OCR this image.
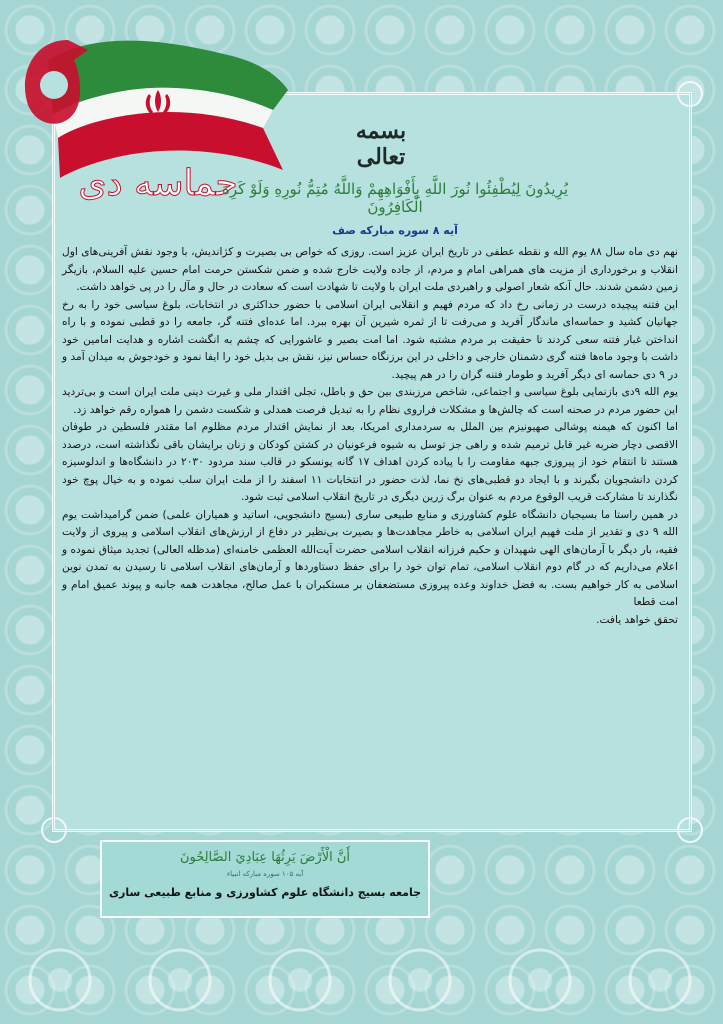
حماسه دی
بسمه تعالی
يُرِيدُونَ لِيُطْفِئُوا نُورَ اللَّهِ بِأَفْوَاهِهِمْ وَاللَّهُ مُتِمُّ نُورِهِ وَلَوْ كَرِهَ الْكَافِرُونَ
آیه ۸ سوره مبارکه صف

نهم دی ماه سال ۸۸ یوم الله و نقطه عطفی در تاریخ ایران عزیز است. روزی که خواص بی بصیرت و کژاندیش، با وجود نقش آفرینی‌های اول انقلاب و برخورداری از مزیت های همراهی امام و مردم، از جاده ولایت خارج شده و ضمن شکستن حرمت امام حسین علیه السلام، بازیگر زمین دشمن شدند. حال آنکه شعار اصولی و راهبردی ملت ایران با ولایت تا شهادت است که سعادت در حال و مآل را در پی خواهد داشت.

این فتنه پیچیده درست در زمانی رخ داد که مردم فهیم و انقلابی ایران اسلامی با حضور حداکثری در انتخابات، بلوغ سیاسی خود را به رخ جهانیان کشید و حماسه‌ای ماندگار آفرید و می‌رفت تا از ثمره شیرین آن بهره ببرد. اما عده‌ای فتنه گر، جامعه را دو قطبی نموده و با راه انداختن غبار فتنه سعی کردند تا حقیقت بر مردم مشتبه شود. اما امت بصیر و عاشورایی که چشم به انگشت اشاره و هدایت امامین خود داشت با وجود ماه‌ها فتنه گری دشمنان خارجی و داخلی در این برزنگاه حساس نیز، نقش بی بدیل خود را ایفا نمود و خودجوش به میدان آمد و در ۹ دی حماسه ای دیگر آفرید و طومار فتنه گران را در هم پیچید.

یوم الله ۹دی بازنمایی بلوغ سیاسی و اجتماعی، شاخص مرزبندی بین حق و باطل، تجلی اقتدار ملی و غیرت دینی ملت ایران است و بی‌تردید این حضور مردم در صحنه است که چالش‌ها و مشکلات فراروی نظام را به تبدیل فرصت همدلی و شکست دشمن را همواره رقم خواهد زد.

اما اکنون که هیمنه پوشالی صهیونیزم بین الملل به سردمداری امریکا، بعد از نمایش اقتدار مردم مظلوم اما مقتدر فلسطین در طوفان الاقصی دچار ضربه غیر قابل ترمیم شده و راهی جز توسل به شیوه فرعونیان در کشتن کودکان و زنان برایشان باقی نگذاشته است، درصدد هستند تا انتقام خود از پیروزی جبهه مقاومت را با پیاده کردن اهداف ۱۷ گانه یونسکو در قالب سند مردود ۲۰۳۰ در دانشگاه‌ها و اندلوسیزه کردن دانشجویان بگیرند و با ایجاد دو قطبی‌های نخ نما، لذت حضور در انتخابات ۱۱ اسفند را از ملت ایران سلب نموده و به خیال پوچ خود نگذارند تا مشارکت قریب الوقوع مردم به عنوان برگ زرین دیگری در تاریخ انقلاب اسلامی ثبت شود.

در همین راستا ما بسیجیان دانشگاه علوم کشاورزی و منابع طبیعی ساری (بسیج دانشجویی، اساتید و همیاران علمی) ضمن گرامیداشت یوم الله ۹ دی و تقدیر از ملت فهیم ایران اسلامی به خاطر مجاهدت‌ها و بصیرت بی‌نظیر در دفاع از ارزش‌های انقلاب اسلامی و پیروی از ولایت فقیه، بار دیگر با آرمان‌های الهی شهیدان و حکیم فرزانه انقلاب اسلامی حضرت آیت‌الله العظمی خامنه‌ای (مدظله العالی) تجدید میثاق نموده و اعلام می‌داریم که در گام دوم انقلاب اسلامی، تمام توان خود را برای حفظ دستاوردها و آرمان‌های انقلاب اسلامی تا رسیدن به تمدن نوین اسلامی به کار خواهیم بست. به فضل خداوند وعده پیروزی مستضعفان بر مستکبران با عمل صالح، مجاهدت همه جانبه و پیوند عمیق امام و امت قطعا

تحقق خواهد یافت.

أَنَّ الْأَرْضَ يَرِثُهَا عِبَادِيَ الصَّالِحُونَ
آیه ۱۰۵ سوره مبارکه انبیاء
جامعه بسیج دانشگاه علوم کشاورزی و منابع طبیعی ساری
